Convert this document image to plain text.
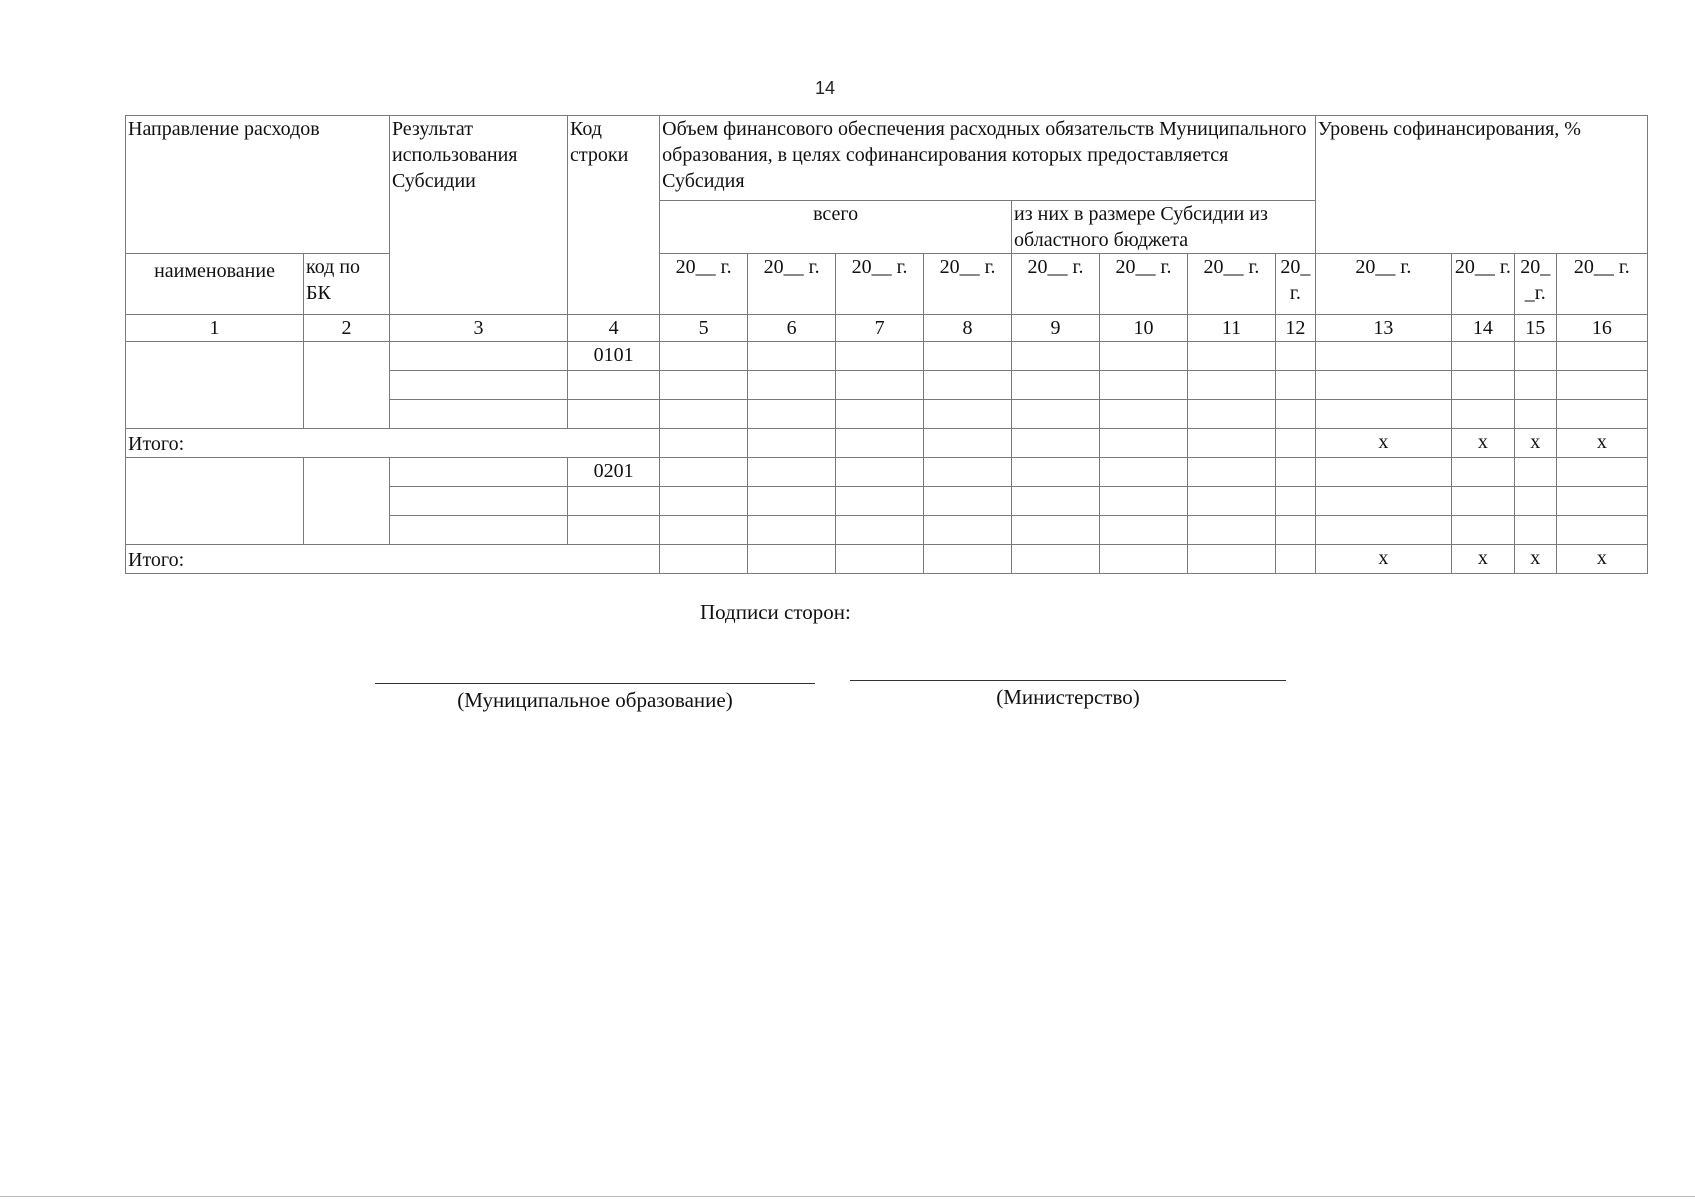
14
Направление расходов		Результат использования Субсидии	Код строки	Объем финансового обеспечения расходных обязательств Муниципального образования, в целях софинансирования которых предоставляется Субсидия								Уровень софинансирования, %			
				всего				из них в размере Субсидии из областного бюджета							
наименование	код по БК			20__ г.	20__ г.	20__ г.	20__ г.	20__ г.	20__ г.	20__ г.	20_ г.	20__ г.	20__ г.	20_ _г.	20__ г.
1	2	3	4	5	6	7	8	9	10	11	12	13	14	15	16
			0101												

Итого:												x	x	x	x
			0201												

Итого:												x	x	x	x
Подписи сторон:
(Муниципальное образование)	(Министерство)
